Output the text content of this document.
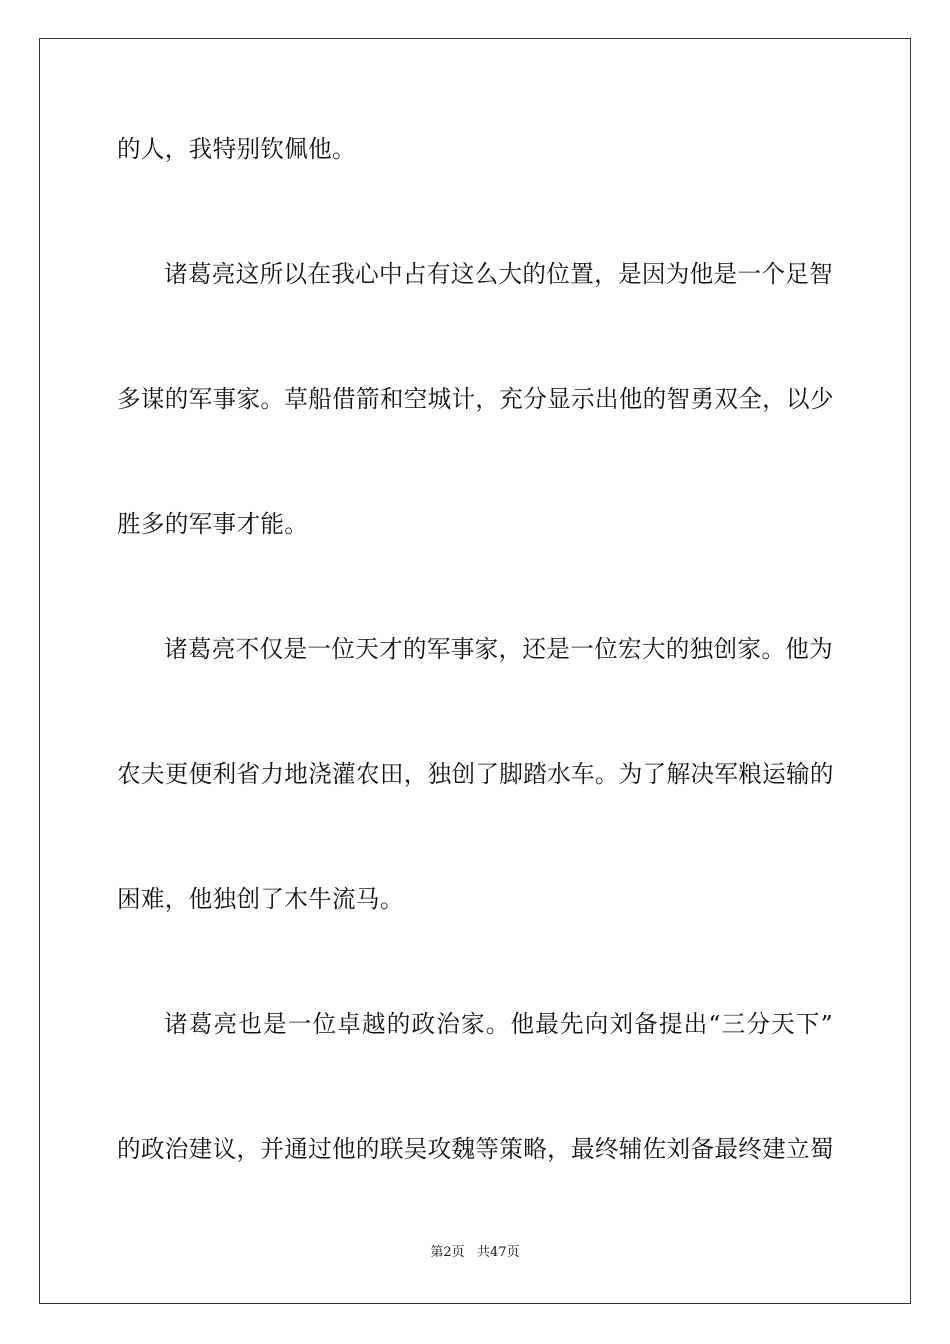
的人，我特别钦佩他。
诸葛亮这所以在我心中占有这么大的位置，是因为他是一个足智
多谋的军事家。草船借箭和空城计，充分显示出他的智勇双全，以少
胜多的军事才能。
诸葛亮不仅是一位天才的军事家，还是一位宏大的独创家。他为
农夫更便利省力地浇灌农田，独创了脚踏水车。为了解决军粮运输的
困难，他独创了木牛流马。
诸葛亮也是一位卓越的政治家。他最先向刘备提出“三分天下”
的政治建议，并通过他的联吴攻魏等策略，最终辅佐刘备最终建立蜀
第2页   共47页
